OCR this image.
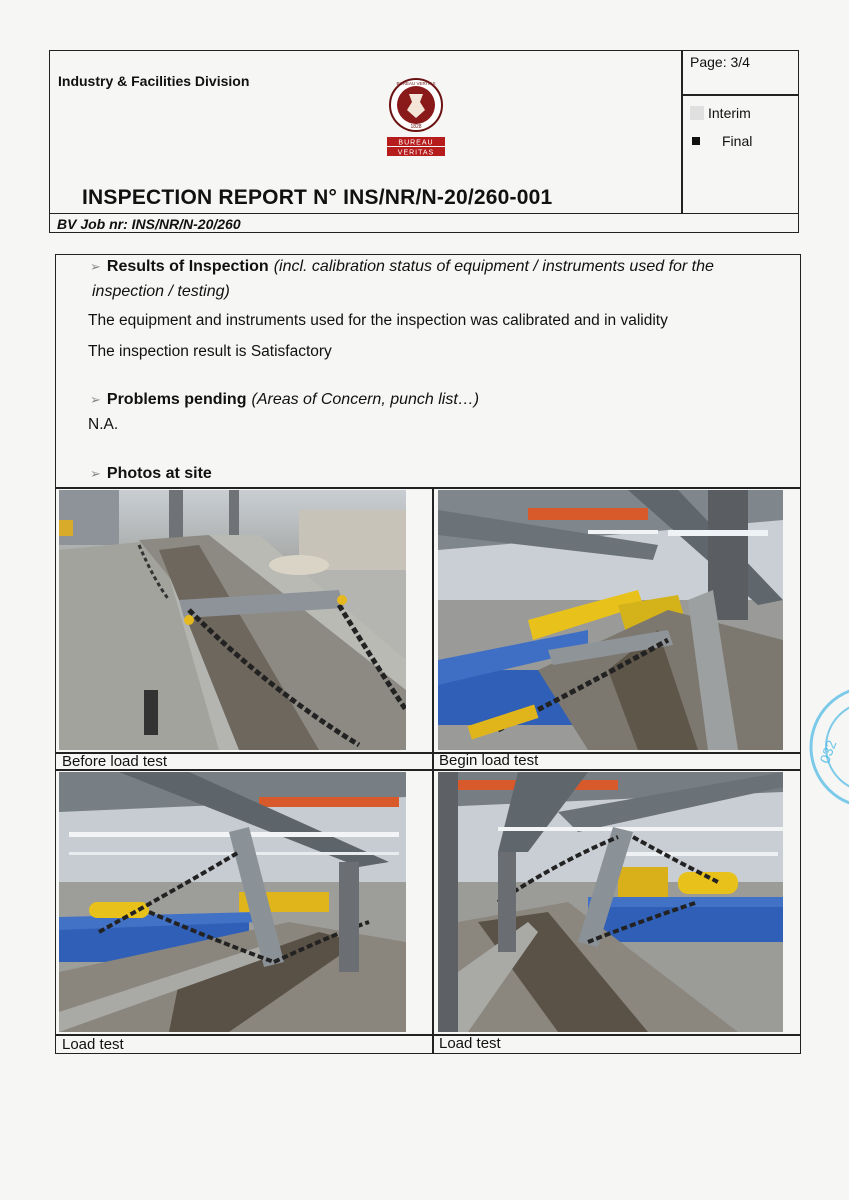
Industry & Facilities Division
1828
BUREAU VERITAS
BUREAU
VERITAS
Page: 3/4
Interim
Final
INSPECTION REPORT N° INS/NR/N-20/260-001
BV Job nr: INS/NR/N-20/260
➢ Results of Inspection (incl. calibration status of equipment / instruments used for the
inspection / testing)
The equipment and instruments used for the inspection was calibrated and in validity
The inspection result is Satisfactory
➢ Problems pending (Areas of Concern, punch list…)
N.A.
➢ Photos at site
Before load test	Begin load test
Load test	Load test
032
